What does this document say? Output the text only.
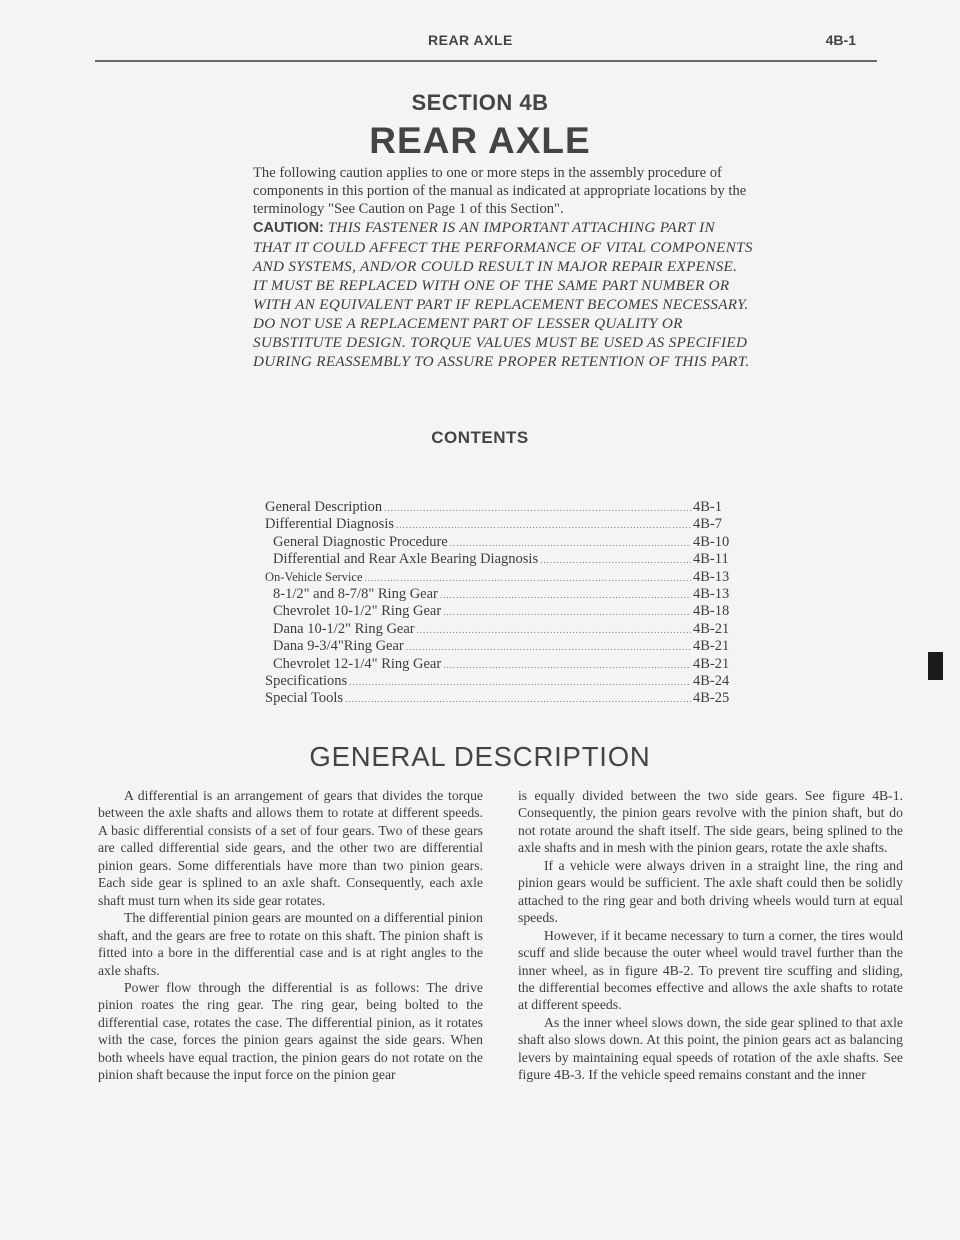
REAR AXLE	4B-1
SECTION 4B
REAR AXLE

The following caution applies to one or more steps in the assembly procedure of components in this portion of the manual as indicated at appropriate locations by the terminology "See Caution on Page 1 of this Section".

CAUTION: THIS FASTENER IS AN IMPORTANT ATTACHING PART IN THAT IT COULD AFFECT THE PERFORMANCE OF VITAL COMPONENTS AND SYSTEMS, AND/OR COULD RESULT IN MAJOR REPAIR EXPENSE. IT MUST BE REPLACED WITH ONE OF THE SAME PART NUMBER OR WITH AN EQUIVALENT PART IF REPLACEMENT BECOMES NECESSARY. DO NOT USE A REPLACEMENT PART OF LESSER QUALITY OR SUBSTITUTE DESIGN. TORQUE VALUES MUST BE USED AS SPECIFIED DURING REASSEMBLY TO ASSURE PROPER RETENTION OF THIS PART.

CONTENTS
General Description .....	4B-1
Differential Diagnosis .....	4B-7
General Diagnostic Procedure .....	4B-10
Differential and Rear Axle Bearing Diagnosis .....	4B-11
On-Vehicle Service .....	4B-13
8-1/2" and 8-7/8" Ring Gear .....	4B-13
Chevrolet 10-1/2" Ring Gear .....	4B-18
Dana 10-1/2" Ring Gear .....	4B-21
Dana 9-3/4"Ring Gear .....	4B-21
Chevrolet 12-1/4" Ring Gear .....	4B-21
Specifications .....	4B-24
Special Tools .....	4B-25
GENERAL DESCRIPTION

A differential is an arrangement of gears that divides the torque between the axle shafts and allows them to rotate at different speeds. A basic differential consists of a set of four gears. Two of these gears are called differential side gears, and the other two are differential pinion gears. Some differentials have more than two pinion gears. Each side gear is splined to an axle shaft. Consequently, each axle shaft must turn when its side gear rotates.

The differential pinion gears are mounted on a differential pinion shaft, and the gears are free to rotate on this shaft. The pinion shaft is fitted into a bore in the differential case and is at right angles to the axle shafts.

Power flow through the differential is as follows: The drive pinion roates the ring gear. The ring gear, being bolted to the differential case, rotates the case. The differential pinion, as it rotates with the case, forces the pinion gears against the side gears. When both wheels have equal traction, the pinion gears do not rotate on the pinion shaft because the input force on the pinion gear

is equally divided between the two side gears. See figure 4B-1. Consequently, the pinion gears revolve with the pinion shaft, but do not rotate around the shaft itself. The side gears, being splined to the axle shafts and in mesh with the pinion gears, rotate the axle shafts.

If a vehicle were always driven in a straight line, the ring and pinion gears would be sufficient. The axle shaft could then be solidly attached to the ring gear and both driving wheels would turn at equal speeds.

However, if it became necessary to turn a corner, the tires would scuff and slide because the outer wheel would travel further than the inner wheel, as in figure 4B-2. To prevent tire scuffing and sliding, the differential becomes effective and allows the axle shafts to rotate at different speeds.

As the inner wheel slows down, the side gear splined to that axle shaft also slows down. At this point, the pinion gears act as balancing levers by maintaining equal speeds of rotation of the axle shafts. See figure 4B-3. If the vehicle speed remains constant and the inner
